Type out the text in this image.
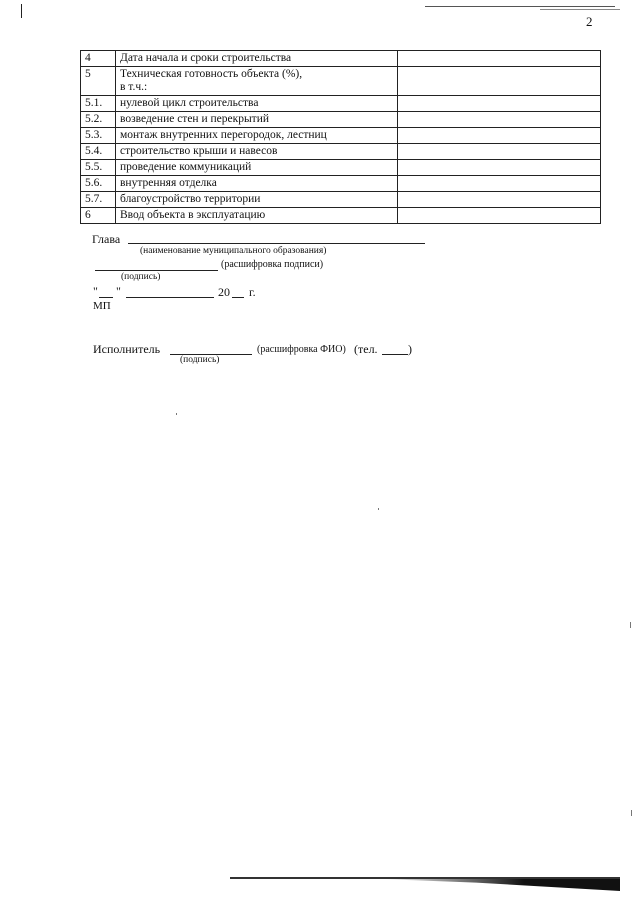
2
4	Дата начала и сроки строительства	

5	Техническая готовность объекта (%),
в т.ч.:	

5.1.	нулевой цикл строительства	

5.2.	возведение стен и перекрытий	

5.3.	монтаж внутренних перегородок, лестниц	

5.4.	строительство крыши и навесов	

5.5.	проведение коммуникаций	

5.6.	внутренняя отделка	

5.7.	благоустройство территории	

6	Ввод объекта в эксплуатацию	

Глава
(наименование муниципального образования)
(расшифровка подписи)
(подпись)
" "	20 г.
МП
Исполнитель	(расшифровка ФИО) (тел.	)
(подпись)
